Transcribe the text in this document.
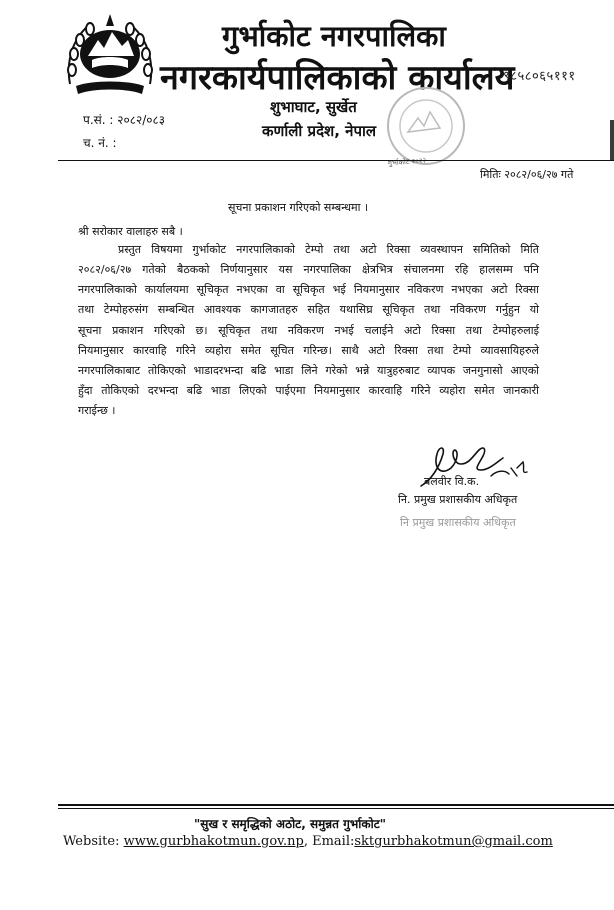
गुर्भाकोट नगरपालिका
नगरकार्यपालिकाको कार्यालय
९८५८०६५१११
शुभाघाट, सुर्खेत
कर्णाली प्रदेश, नेपाल
प.सं. : २०८२/०८३
च. नं. :
गुर्भाकोट २०२२
मितिः २०८२/०६/२७ गते
सूचना प्रकाशन गरिएको सम्बन्धमा ।
श्री सरोकार वालाहरु सबै ।
प्रस्तुत विषयमा गुर्भाकोट नगरपालिकाको टेम्पो तथा अटो रिक्सा व्यवस्थापन समितिको मिति
२०८२/०६/२७ गतेको बैठकको निर्णयानुसार यस नगरपालिका क्षेत्रभित्र संचालनमा रहि हालसम्म पनि
नगरपालिकाको कार्यालयमा सूचिकृत नभएका वा सूचिकृत भई नियमानुसार नविकरण नभएका अटो रिक्सा
तथा टेम्पोहरुसंग सम्बन्धित आवश्यक कागजातहरु सहित यथासिघ्र सूचिकृत तथा नविकरण गर्नुहुन यो
सूचना प्रकाशन गरिएको छ। सूचिकृत तथा नविकरण नभई चलाईने अटो रिक्सा तथा टेम्पोहरुलाई
नियमानुसार कारवाहि गरिने व्यहोरा समेत सूचित गरिन्छ। साथै अटो रिक्सा तथा टेम्पो व्यावसायिहरुले
नगरपालिकाबाट तोकिएको भाडादरभन्दा बढि भाडा लिने गरेको भन्ने यात्रुहरुबाट व्यापक जनगुनासो आएको
हुँदा तोकिएको दरभन्दा बढि भाडा लिएको पाईएमा नियमानुसार कारवाहि गरिने व्यहोरा समेत जानकारी
गराईन्छ ।
बलवीर वि.क.
नि. प्रमुख प्रशासकीय अधिकृत
नि प्रमुख प्रशासकीय अधिकृत
"सुख र समृद्धिको अठोट, समुन्नत गुर्भाकोट"
Website: www.gurbhakotmun.gov.np, Email:sktgurbhakotmun@gmail.com
